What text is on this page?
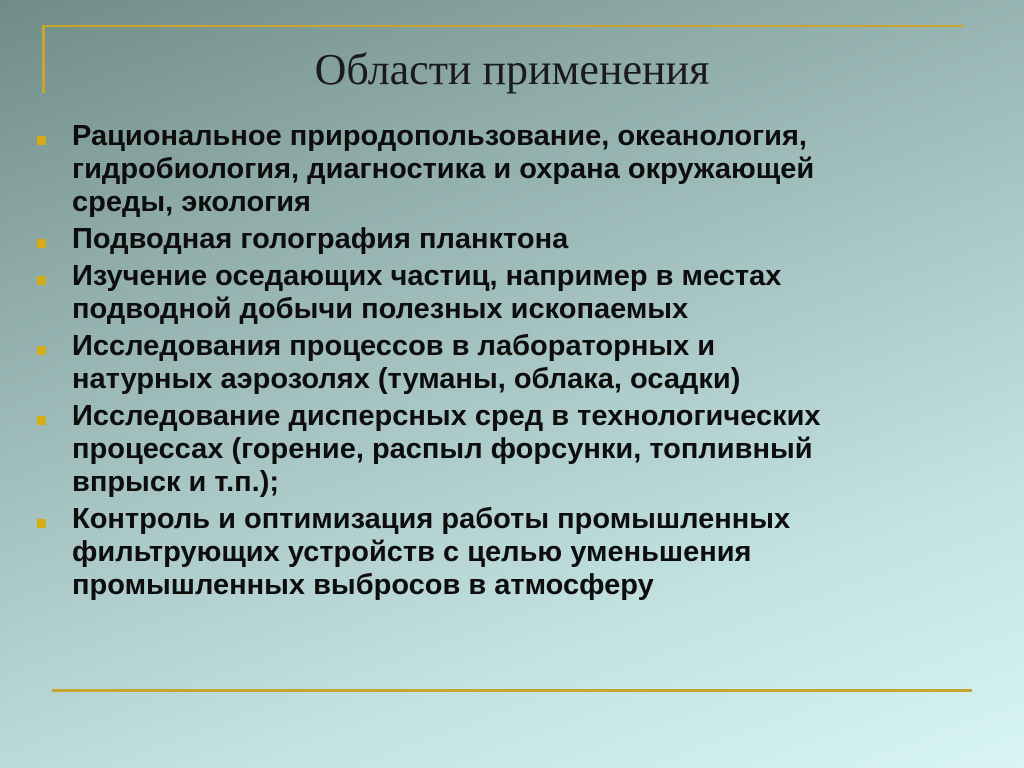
Области применения
Рациональное природопользование, океанология,
гидробиология, диагностика и охрана окружающей
среды, экология
Подводная голография планктона
Изучение оседающих частиц, например в местах
подводной добычи полезных ископаемых
Исследования процессов в лабораторных и
натурных аэрозолях (туманы, облака, осадки)
Исследование дисперсных сред в технологических
процессах (горение, распыл форсунки, топливный
впрыск и т.п.);
Контроль и оптимизация работы промышленных
фильтрующих устройств с целью уменьшения
промышленных выбросов в атмосферу
